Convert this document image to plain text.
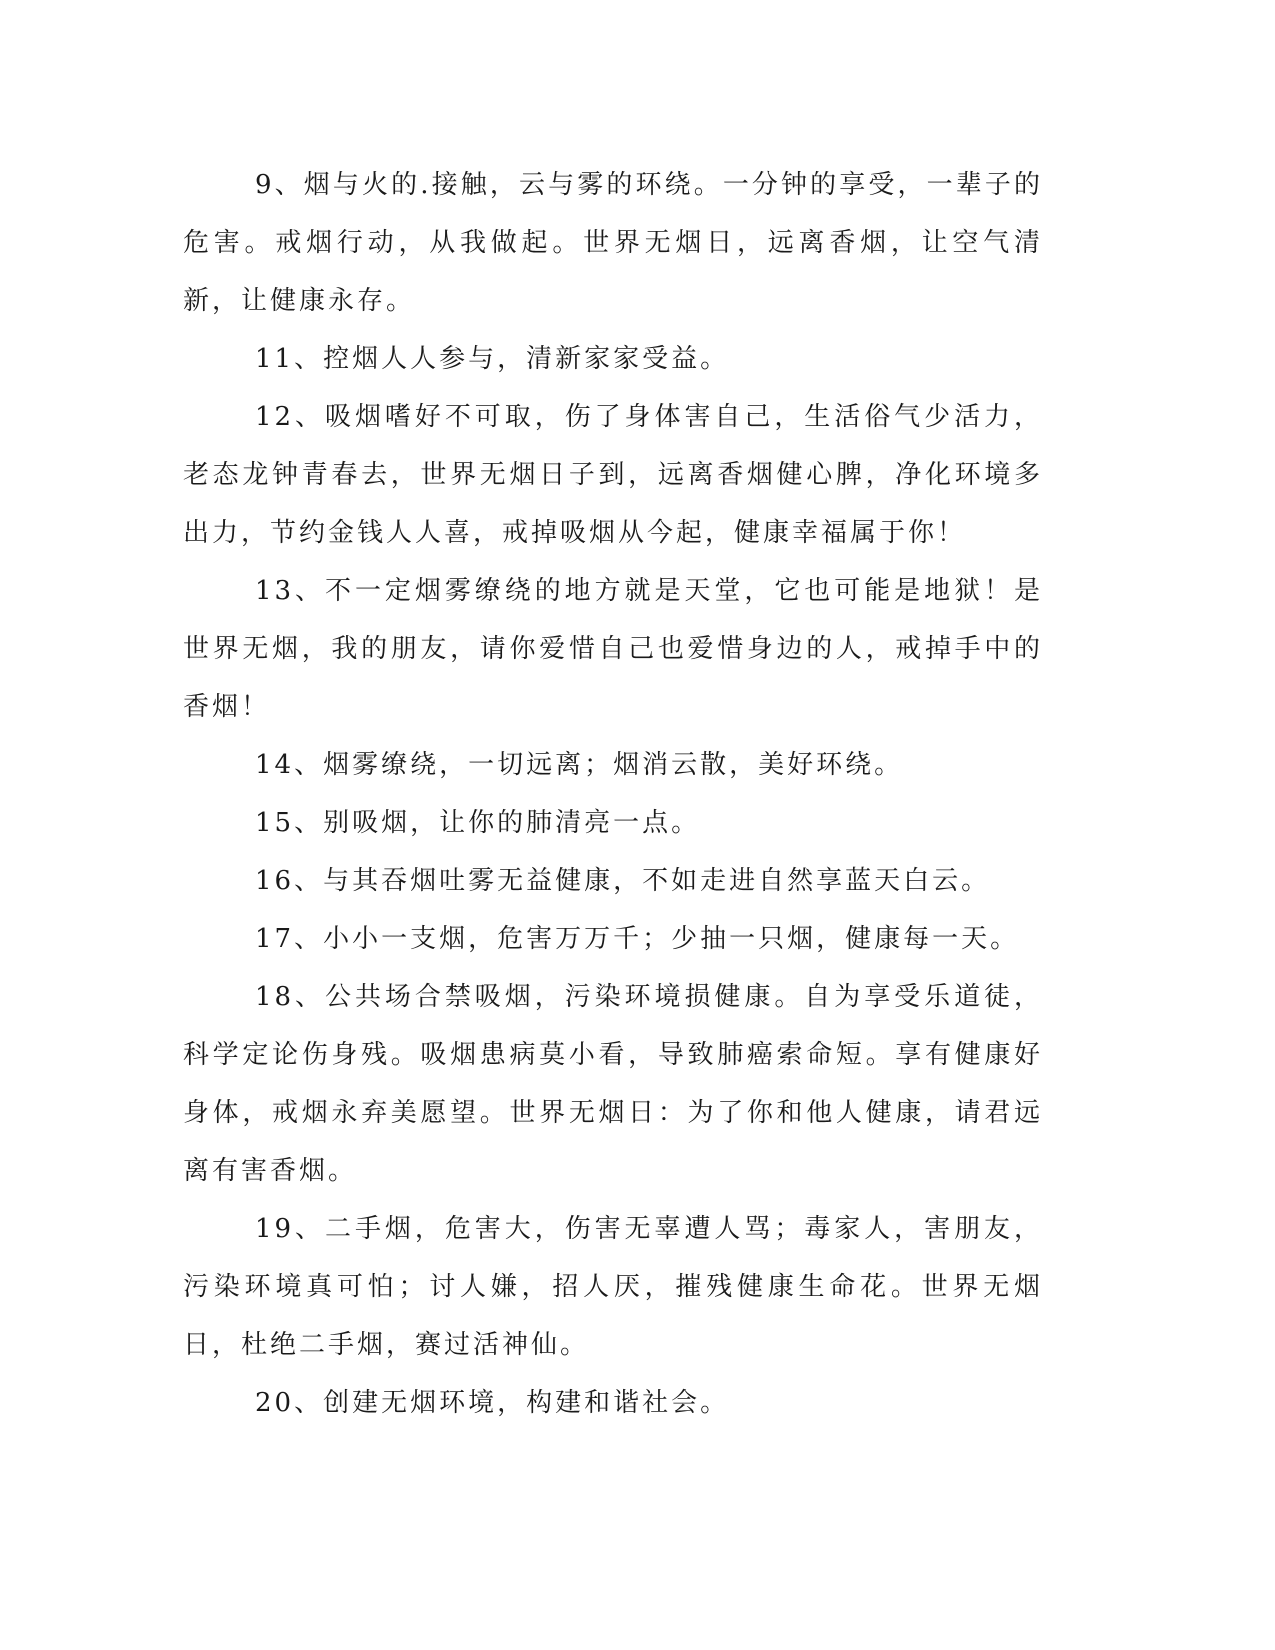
9、烟与火的.接触，云与雾的环绕。一分钟的享受，一辈子的危害。戒烟行动，从我做起。世界无烟日，远离香烟，让空气清新，让健康永存。

11、控烟人人参与，清新家家受益。

12、吸烟嗜好不可取，伤了身体害自己，生活俗气少活力，老态龙钟青春去，世界无烟日子到，远离香烟健心脾，净化环境多出力，节约金钱人人喜，戒掉吸烟从今起，健康幸福属于你！

13、不一定烟雾缭绕的地方就是天堂，它也可能是地狱！是世界无烟，我的朋友，请你爱惜自己也爱惜身边的人，戒掉手中的香烟！

14、烟雾缭绕，一切远离；烟消云散，美好环绕。

15、别吸烟，让你的肺清亮一点。

16、与其吞烟吐雾无益健康，不如走进自然享蓝天白云。

17、小小一支烟，危害万万千；少抽一只烟，健康每一天。

18、公共场合禁吸烟，污染环境损健康。自为享受乐道徒，科学定论伤身残。吸烟患病莫小看，导致肺癌索命短。享有健康好身体，戒烟永弃美愿望。世界无烟日：为了你和他人健康，请君远离有害香烟。

19、二手烟，危害大，伤害无辜遭人骂；毒家人，害朋友，污染环境真可怕；讨人嫌，招人厌，摧残健康生命花。世界无烟日，杜绝二手烟，赛过活神仙。

20、创建无烟环境，构建和谐社会。
